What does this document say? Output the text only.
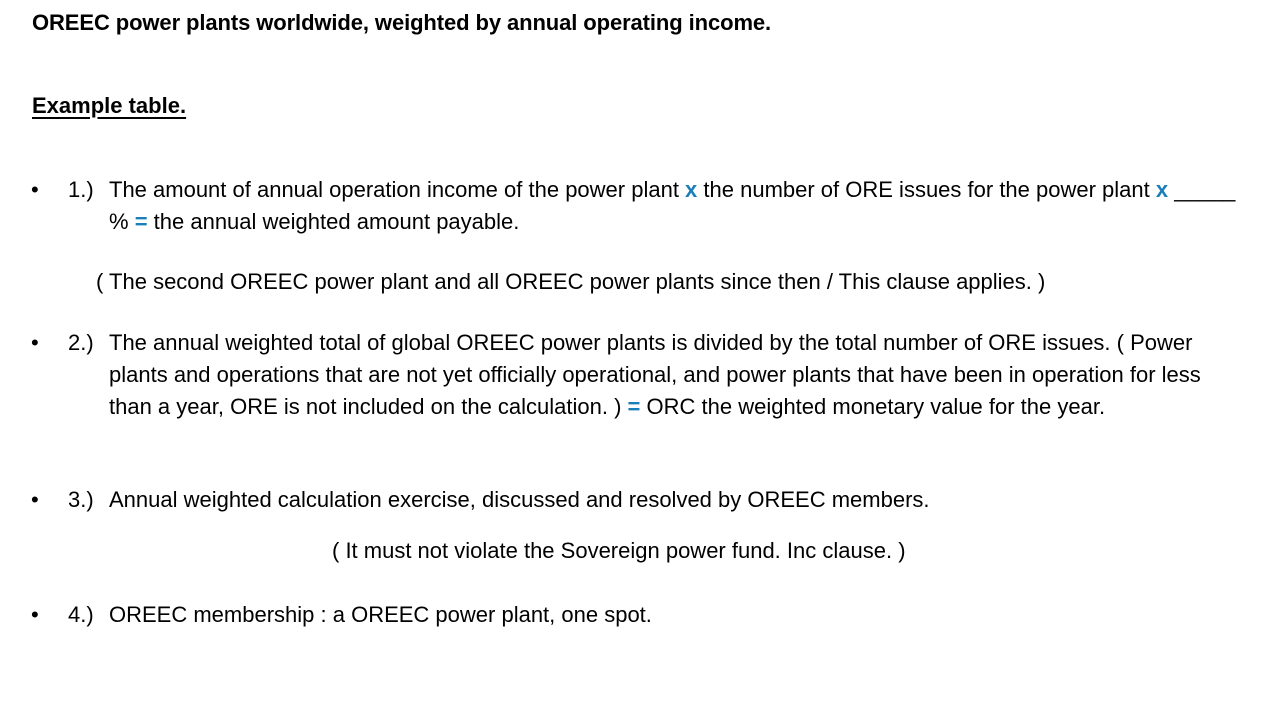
OREEC power plants worldwide, weighted by annual operating income.
Example table.
• 1.) The amount of annual operation income of the power plant x the number of ORE issues for the power plant x _____ % = the annual weighted amount payable.
( The second OREEC power plant and all OREEC power plants since then / This clause applies. )
• 2.) The annual weighted total of global OREEC power plants is divided by the total number of ORE issues. ( Power plants and operations that are not yet officially operational, and power plants that have been in operation for less than a year, ORE is not included on the calculation. ) = ORC the weighted monetary value for the year.
• 3.) Annual weighted calculation exercise, discussed and resolved by OREEC members.
( It must not violate the Sovereign power fund. Inc clause. )
• 4.) OREEC membership : a OREEC power plant, one spot.
